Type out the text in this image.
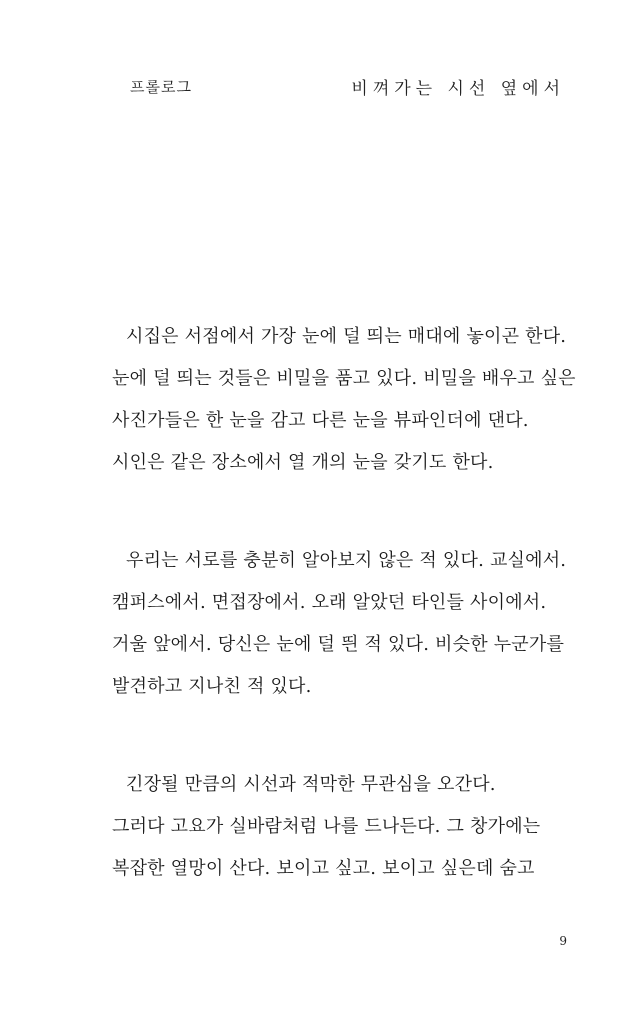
프롤로그	비껴가는 시선 옆에서
시집은 서점에서 가장 눈에 덜 띄는 매대에 놓이곤 한다.
눈에 덜 띄는 것들은 비밀을 품고 있다. 비밀을 배우고 싶은
사진가들은 한 눈을 감고 다른 눈을 뷰파인더에 댄다.
시인은 같은 장소에서 열 개의 눈을 갖기도 한다.
우리는 서로를 충분히 알아보지 않은 적 있다. 교실에서.
캠퍼스에서. 면접장에서. 오래 알았던 타인들 사이에서.
거울 앞에서. 당신은 눈에 덜 띈 적 있다. 비슷한 누군가를
발견하고 지나친 적 있다.
긴장될 만큼의 시선과 적막한 무관심을 오간다.
그러다 고요가 실바람처럼 나를 드나든다. 그 창가에는
복잡한 열망이 산다. 보이고 싶고. 보이고 싶은데 숨고
9
